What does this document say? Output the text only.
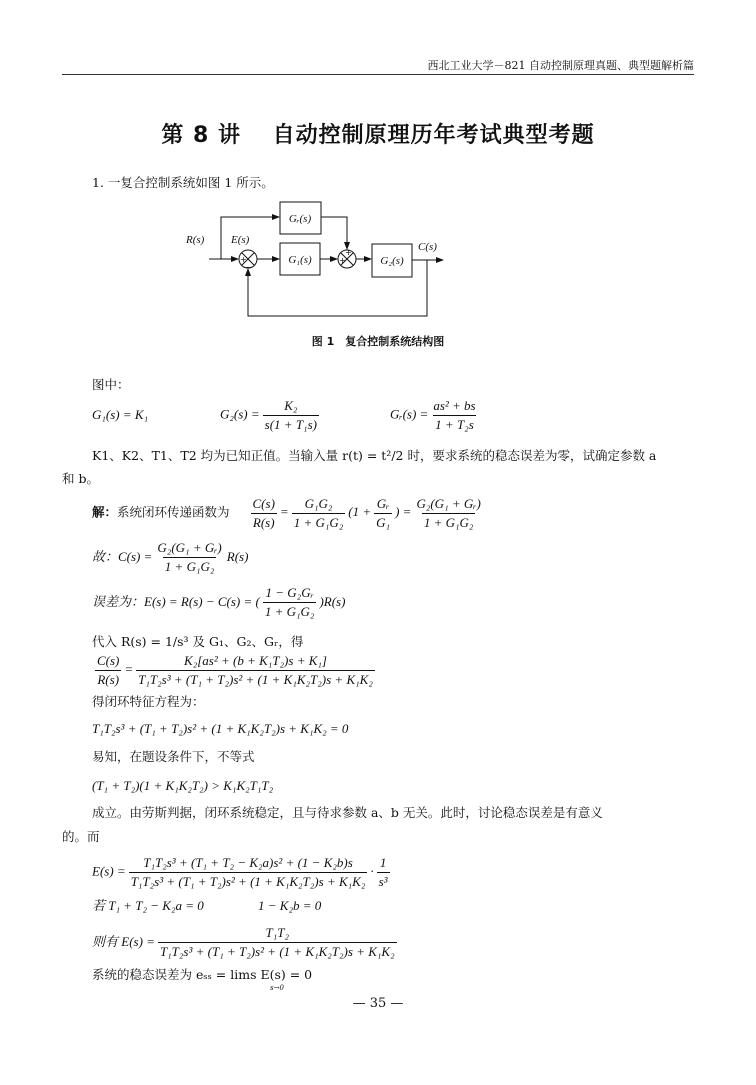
西北工业大学－821 自动控制原理真题、典型题解析篇
第 8 讲　 自动控制原理历年考试典型考题
1. 一复合控制系统如图 1 所示。
Gᵣ(s)
G₁(s)	G₂(s)
R(s) E(s)
C(s)
+
−
+
+
图 1　复合控制系统结构图
图中：
G₁(s) = K₁	$G_2(s) = \frac{\text{K₂}}{\text{s(1 + T₁s)}}$	Gᵣ(s) = $\frac{\text{as² + bs}}{\text{1 + T₂s}}$
K1、K2、T1、T2 均为已知正值。当输入量 r(t) = t²/2 时，要求系统的稳态误差为零，试确定参数 a
和 b。
解：系统闭环传递函数为 $\frac{C(s)}{R(s)} = \frac{\text{G₁G₂}}{\text{1 + G₁G₂}} (1 + \frac{\text{Gᵣ}}{\text{G₁}}$ ) = $\frac{\text{G₂(G₁ + Gᵣ)}}{\text{1 + G₁G₂}}$
故：$C(s) = \frac{\text{G₂(G₁ + Gᵣ)}}{\text{1 + G₁G₂}} R(s)$
误差为：E(s) = R(s) − C(s) = ( $\frac{\text{1 − G₂Gᵣ}}{\text{1 + G₁G₂}} )R(s)$
代入 R(s) = 1/s³ 及 G₁、G₂、Gᵣ，得
$\frac{C(s)}{R(s)} = \frac{\text{K₂[as² + (b + K₁T₂)s + K₁]}}{\text{T₁T₂s³ + (T₁ + T₂)s² + (1 + K₁K₂T₂)s + K₁K₂}}$
得闭环特征方程为：
T₁T₂s³ + (T₁ + T₂)s² + (1 + K₁K₂T₂)s + K₁K₂ = 0
易知，在题设条件下，不等式
(T₁ + T₂)(1 + K₁K₂T₂) > K₁K₂T₁T₂
成立。由劳斯判据，闭环系统稳定，且与待求参数 a、b 无关。此时，讨论稳态误差是有意义
的。而
$E(s) = \frac{\text{T₁T₂s³ + (T₁ + T₂ − K₂a)s² + (1 − K₂b)s}}{\text{T₁T₂s³ + (T₁ + T₂)s² + (1 + K₁K₂T₂)s + K₁K₂}} \cdot \frac{1}{\text{s³}}$
若 T₁ + T₂ − K₂a = 0	1 − K₂b = 0
则有 $E(s) = \frac{\text{T₁T₂}}{\text{T₁T₂s³ + (T₁ + T₂)s² + (1 + K₁K₂T₂)s + K₁K₂}}$
系统的稳态误差为 eₛₛ = lims E(s) = 0
s→0
— 35 —
